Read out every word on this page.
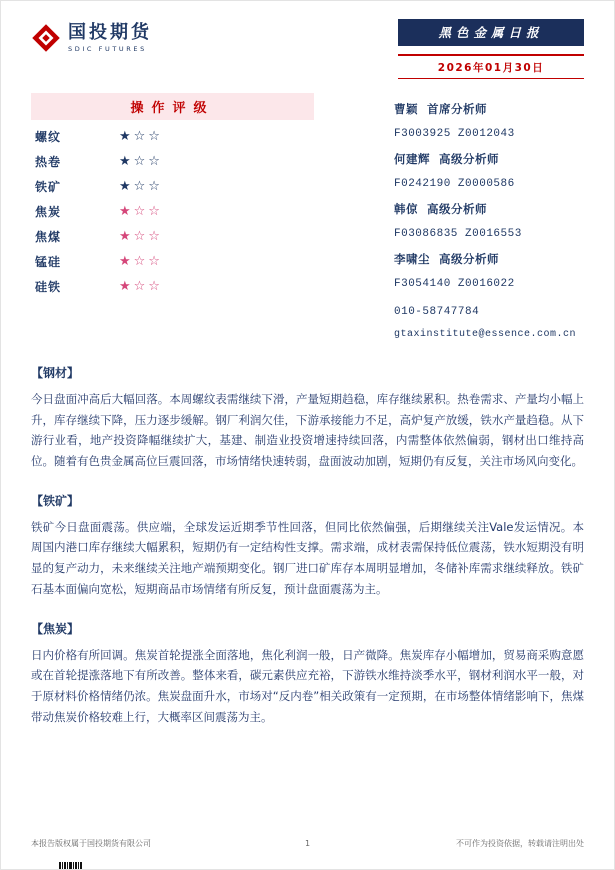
国投期货
SDIC FUTURES
黑色金属日报
2026年01月30日
操作评级
螺纹	★☆☆
热卷	★☆☆
铁矿	★☆☆
焦炭	★☆☆
焦煤	★☆☆
锰硅	★☆☆
硅铁	★☆☆
曹颖 首席分析师
F3003925 Z0012043
何建辉 高级分析师
F0242190 Z0000586
韩倞 高级分析师
F03086835 Z0016553
李啸尘 高级分析师
F3054140 Z0016022
010-58747784
gtaxinstitute@essence.com.cn
【钢材】
今日盘面冲高后大幅回落。本周螺纹表需继续下滑，产量短期趋稳，库存继续累积。热卷需求、产量均小幅上升，库存继续下降，压力逐步缓解。钢厂利润欠佳，下游承接能力不足，高炉复产放缓，铁水产量趋稳。从下游行业看，地产投资降幅继续扩大，基建、制造业投资增速持续回落，内需整体依然偏弱，钢材出口维持高位。随着有色贵金属高位巨震回落，市场情绪快速转弱，盘面波动加剧，短期仍有反复，关注市场风向变化。
【铁矿】
铁矿今日盘面震荡。供应端，全球发运近期季节性回落，但同比依然偏强，后期继续关注Vale发运情况。本周国内港口库存继续大幅累积，短期仍有一定结构性支撑。需求端，成材表需保持低位震荡，铁水短期没有明显的复产动力，未来继续关注地产端预期变化。钢厂进口矿库存本周明显增加，冬储补库需求继续释放。铁矿石基本面偏向宽松，短期商品市场情绪有所反复，预计盘面震荡为主。
【焦炭】
日内价格有所回调。焦炭首轮提涨全面落地，焦化利润一般，日产微降。焦炭库存小幅增加，贸易商采购意愿或在首轮提涨落地下有所改善。整体来看，碳元素供应充裕，下游铁水维持淡季水平，钢材利润水平一般，对于原材料价格情绪仍浓。焦炭盘面升水，市场对“反内卷”相关政策有一定预期，在市场整体情绪影响下，焦煤带动焦炭价格较难上行，大概率区间震荡为主。
本报告版权属于国投期货有限公司	1	不可作为投资依据，转载请注明出处
